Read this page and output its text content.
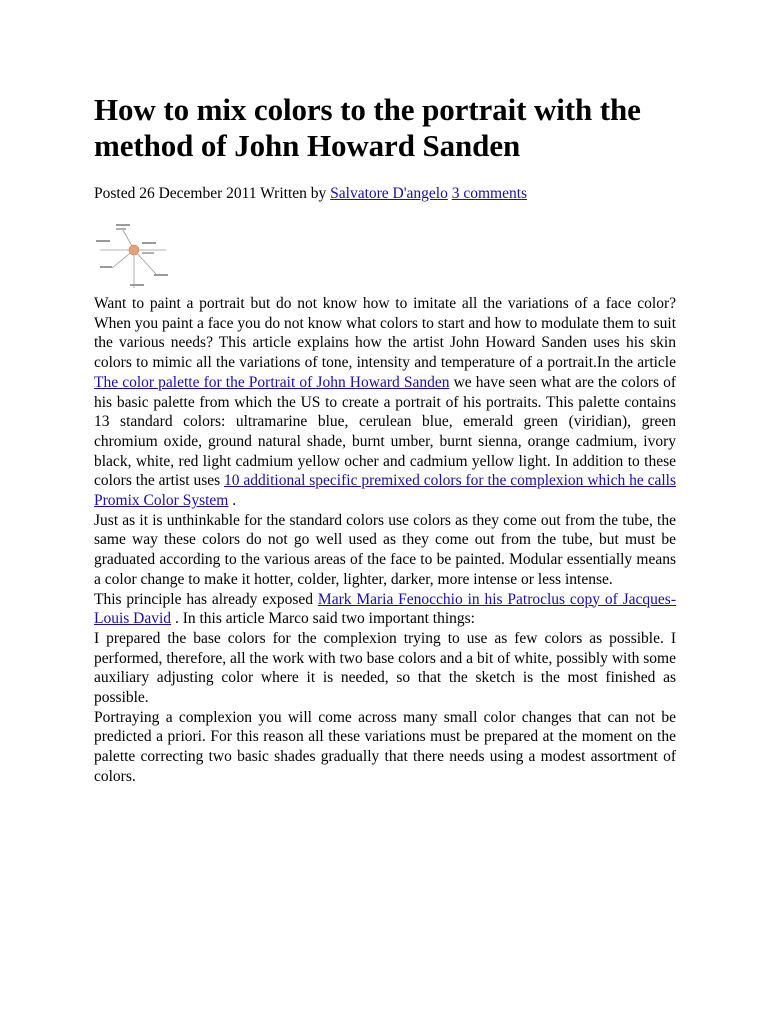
How to mix colors to the portrait with the method of John Howard Sanden
Posted 26 December 2011 Written by Salvatore D'angelo 3 comments

Want to paint a portrait but do not know how to imitate all the variations of a face color? When you paint a face you do not know what colors to start and how to modulate them to suit the various needs? This article explains how the artist John Howard Sanden uses his skin colors to mimic all the variations of tone, intensity and temperature of a portrait.In the article The color palette for the Portrait of John Howard Sanden we have seen what are the colors of his basic palette from which the US to create a portrait of his portraits. This palette contains 13 standard colors: ultramarine blue, cerulean blue, emerald green (viridian), green chromium oxide, ground natural shade, burnt umber, burnt sienna, orange cadmium, ivory black, white, red light cadmium yellow ocher and cadmium yellow light. In addition to these colors the artist uses 10 additional specific premixed colors for the complexion which he calls Promix Color System .

Just as it is unthinkable for the standard colors use colors as they come out from the tube, the same way these colors do not go well used as they come out from the tube, but must be graduated according to the various areas of the face to be painted. Modular essentially means a color change to make it hotter, colder, lighter, darker, more intense or less intense.

This principle has already exposed Mark Maria Fenocchio in his Patroclus copy of Jacques-Louis David . In this article Marco said two important things:

I prepared the base colors for the complexion trying to use as few colors as possible. I performed, therefore, all the work with two base colors and a bit of white, possibly with some auxiliary adjusting color where it is needed, so that the sketch is the most finished as possible.

Portraying a complexion you will come across many small color changes that can not be predicted a priori. For this reason all these variations must be prepared at the moment on the palette correcting two basic shades gradually that there needs using a modest assortment of colors.
